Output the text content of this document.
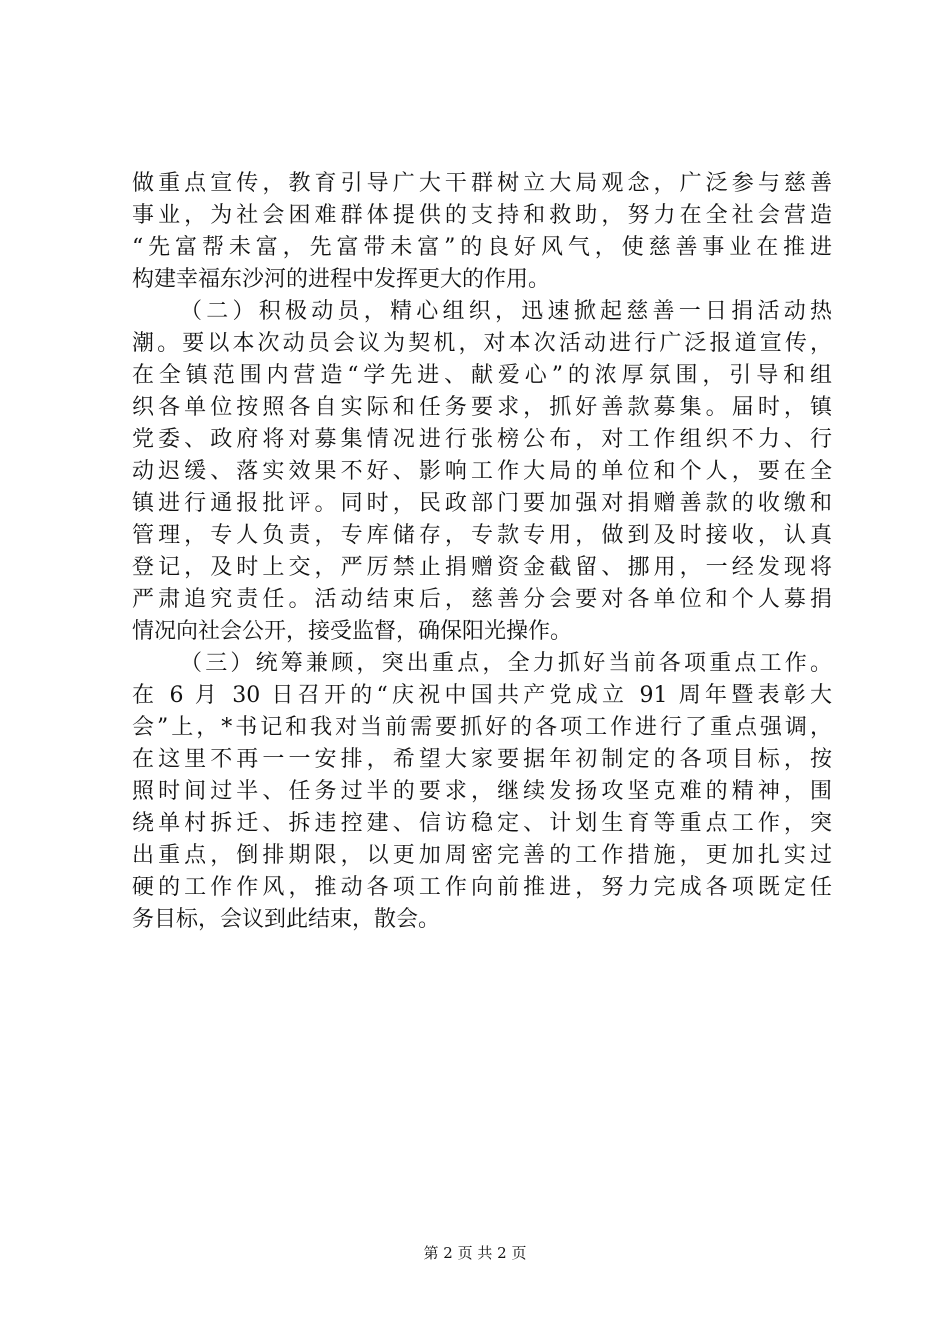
做重点宣传，教育引导广大干群树立大局观念，广泛参与慈善
事业，为社会困难群体提供的支持和救助，努力在全社会营造
“先富帮未富，先富带未富”的良好风气，使慈善事业在推进
构建幸福东沙河的进程中发挥更大的作用。
（二）积极动员，精心组织，迅速掀起慈善一日捐活动热
潮。要以本次动员会议为契机，对本次活动进行广泛报道宣传，
在全镇范围内营造“学先进、献爱心”的浓厚氛围，引导和组
织各单位按照各自实际和任务要求，抓好善款募集。届时，镇
党委、政府将对募集情况进行张榜公布，对工作组织不力、行
动迟缓、落实效果不好、影响工作大局的单位和个人，要在全
镇进行通报批评。同时，民政部门要加强对捐赠善款的收缴和
管理，专人负责，专库储存，专款专用，做到及时接收，认真
登记，及时上交，严厉禁止捐赠资金截留、挪用，一经发现将
严肃追究责任。活动结束后，慈善分会要对各单位和个人募捐
情况向社会公开，接受监督，确保阳光操作。
（三）统筹兼顾，突出重点，全力抓好当前各项重点工作。
在 6 月 30 日召开的“庆祝中国共产党成立 91 周年暨表彰大
会”上，*书记和我对当前需要抓好的各项工作进行了重点强调，
在这里不再一一安排，希望大家要据年初制定的各项目标，按
照时间过半、任务过半的要求，继续发扬攻坚克难的精神，围
绕单村拆迁、拆违控建、信访稳定、计划生育等重点工作，突
出重点，倒排期限，以更加周密完善的工作措施，更加扎实过
硬的工作作风，推动各项工作向前推进，努力完成各项既定任
务目标，会议到此结束，散会。
第 2 页 共 2 页
